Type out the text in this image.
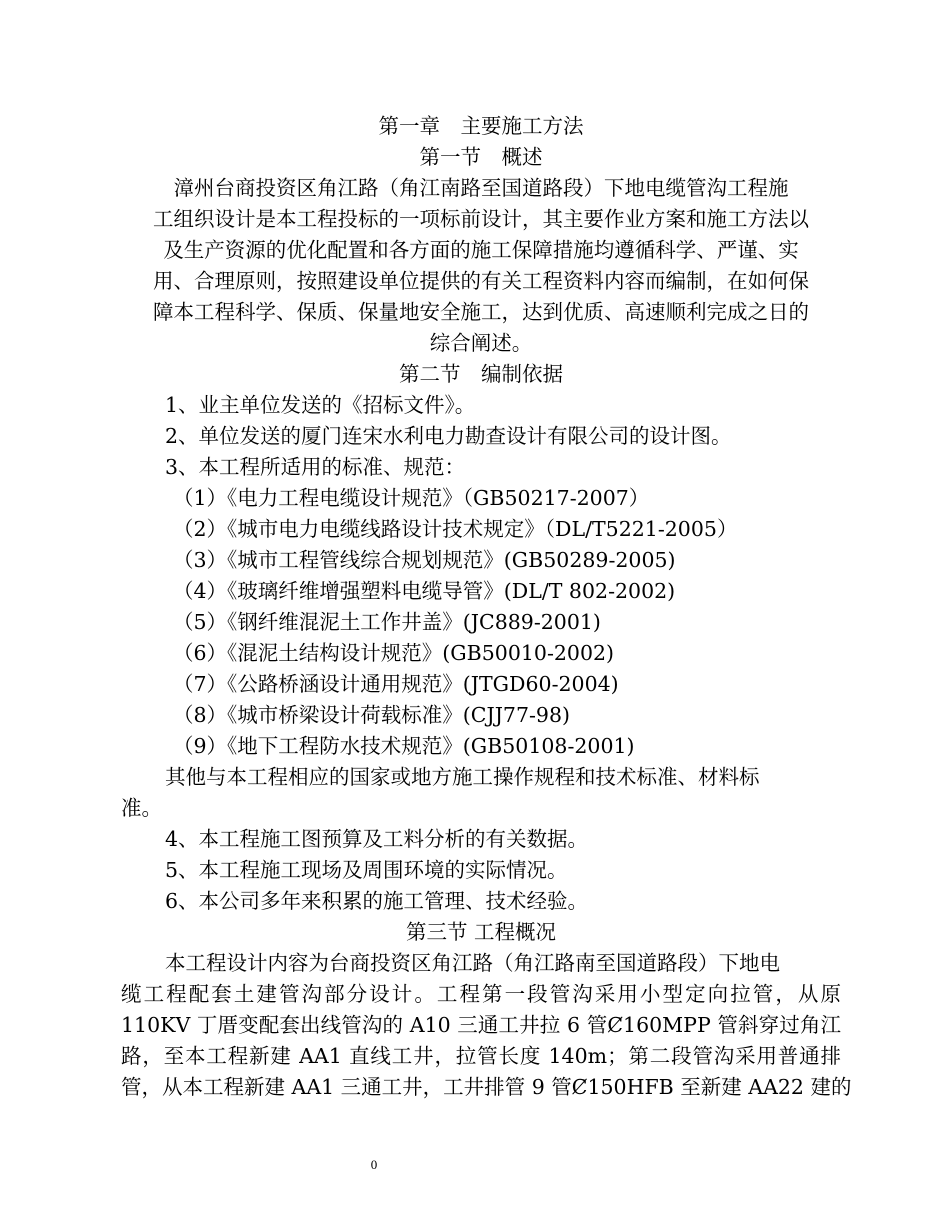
第一章　主要施工方法
第一节　概述
漳州台商投资区角江路（角江南路至国道路段）下地电缆管沟工程施
工组织设计是本工程投标的一项标前设计，其主要作业方案和施工方法以
及生产资源的优化配置和各方面的施工保障措施均遵循科学、严谨、实
用、合理原则，按照建设单位提供的有关工程资料内容而编制，在如何保
障本工程科学、保质、保量地安全施工，达到优质、高速顺利完成之日的
综合阐述。
第二节　编制依据
1、业主单位发送的《招标文件》。
2、单位发送的厦门连宋水利电力勘查设计有限公司的设计图。
3、本工程所适用的标准、规范：
（1）《电力工程电缆设计规范》（GB50217-2007）
（2）《城市电力电缆线路设计技术规定》（DL/T5221-2005）
（3）《城市工程管线综合规划规范》(GB50289-2005)
（4）《玻璃纤维增强塑料电缆导管》(DL/T 802-2002)
（5）《钢纤维混泥土工作井盖》(JC889-2001)
（6）《混泥土结构设计规范》(GB50010-2002)
（7）《公路桥涵设计通用规范》(JTGD60-2004)
（8）《城市桥梁设计荷载标准》(CJJ77-98)
（9）《地下工程防水技术规范》(GB50108-2001)
其他与本工程相应的国家或地方施工操作规程和技术标准、材料标
准。
4、本工程施工图预算及工料分析的有关数据。
5、本工程施工现场及周围环境的实际情况。
6、本公司多年来积累的施工管理、技术经验。
第三节 工程概况
本工程设计内容为台商投资区角江路（角江路南至国道路段）下地电
缆工程配套土建管沟部分设计。工程第一段管沟采用小型定向拉管，从原
110KV 丁厝变配套出线管沟的 A10 三通工井拉 6 管Ȼ160MPP 管斜穿过角江
路，至本工程新建 AA1 直线工井，拉管长度 140m；第二段管沟采用普通排
管，从本工程新建 AA1 三通工井，工井排管 9 管Ȼ150HFB 至新建 AA22 建的
0
